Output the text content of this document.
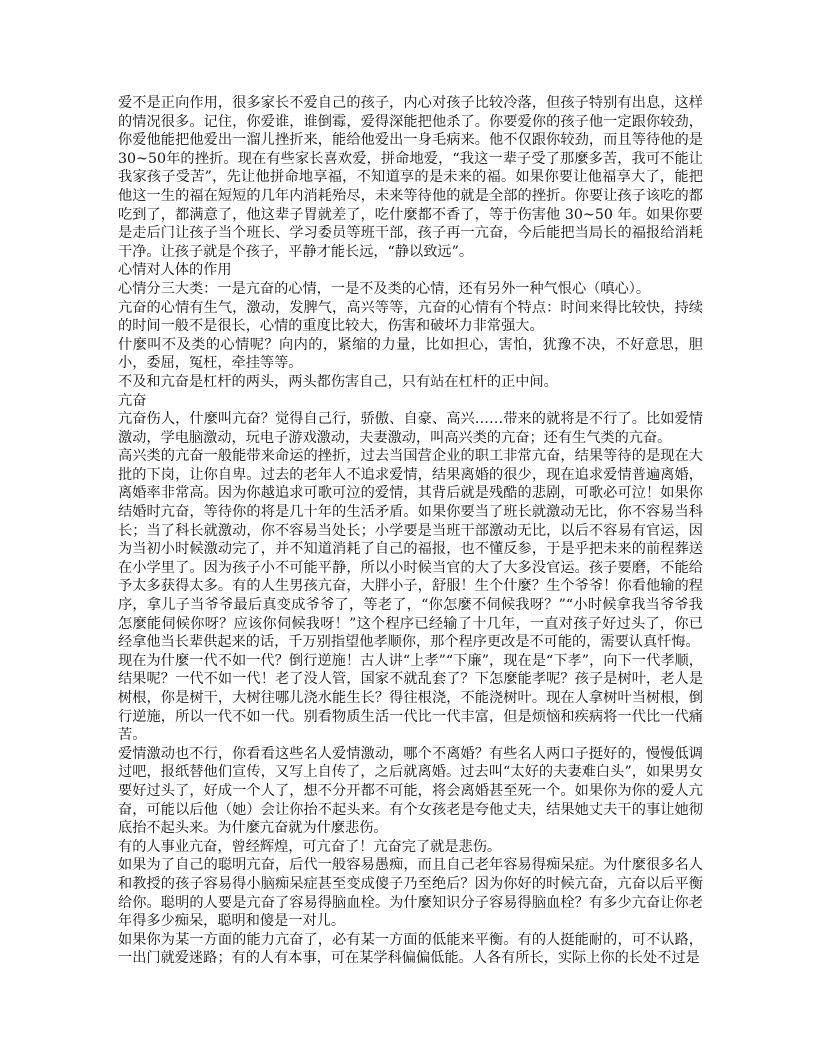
爱不是正向作用，很多家长不爱自己的孩子，内心对孩子比较冷落，但孩子特别有出息，这样的情况很多。记住，你爱谁，谁倒霉，爱得深能把他杀了。你要爱你的孩子他一定跟你较劲，你爱他能把他爱出一溜儿挫折来，能给他爱出一身毛病来。他不仅跟你较劲，而且等待他的是30~50年的挫折。现在有些家长喜欢爱，拼命地爱，“我这一辈子受了那麼多苦，我可不能让我家孩子受苦”，先让他拼命地享福，不知道享的是未来的福。如果你要让他福享大了，能把他这一生的福在短短的几年内消耗殆尽，未来等待他的就是全部的挫折。你要让孩子该吃的都吃到了，都满意了，他这辈子胃就差了，吃什麼都不香了，等于伤害他 30~50 年。如果你要是走后门让孩子当个班长、学习委员等班干部，孩子再一亢奋，今后能把当局长的福报给消耗干净。让孩子就是个孩子，平静才能长远，“静以致远”。

心情对人体的作用

心情分三大类：一是亢奋的心情，一是不及类的心情，还有另外一种气恨心（嗔心）。

亢奋的心情有生气，激动，发脾气，高兴等等，亢奋的心情有个特点：时间来得比较快，持续的时间一般不是很长，心情的重度比较大，伤害和破坏力非常强大。

什麼叫不及类的心情呢？向内的，紧缩的力量，比如担心，害怕，犹豫不决，不好意思，胆小，委屈，冤枉，牵挂等等。

不及和亢奋是杠杆的两头，两头都伤害自己，只有站在杠杆的正中间。

亢奋

亢奋伤人，什麼叫亢奋？觉得自己行，骄傲、自豪、高兴……带来的就将是不行了。比如爱情激动，学电脑激动，玩电子游戏激动，夫妻激动，叫高兴类的亢奋；还有生气类的亢奋。

高兴类的亢奋一般能带来命运的挫折，过去当国营企业的职工非常亢奋，结果等待的是现在大批的下岗，让你自卑。过去的老年人不追求爱情，结果离婚的很少，现在追求爱情普遍离婚，离婚率非常高。因为你越追求可歌可泣的爱情，其背后就是残酷的悲剧，可歌必可泣！如果你结婚时亢奋，等待你的将是几十年的生活矛盾。如果你要当了班长就激动无比，你不容易当科长；当了科长就激动，你不容易当处长；小学要是当班干部激动无比，以后不容易有官运，因为当初小时候激动完了，并不知道消耗了自己的福报，也不懂反参，于是乎把未来的前程葬送在小学里了。因为孩子小不可能平静，所以小时候当官的大了大多没官运。孩子要磨，不能给予太多获得太多。有的人生男孩亢奋，大胖小子，舒服！生个什麼？生个爷爷！你看他输的程序，拿儿子当爷爷最后真变成爷爷了，等老了，“你怎麼不伺候我呀？”“小时候拿我当爷爷我怎麼能伺候你呀？应该你伺候我呀！”这个程序已经输了十几年，一直对孩子好过头了，你已经拿他当长辈供起来的话，千万别指望他孝顺你，那个程序更改是不可能的，需要认真忏悔。

现在为什麼一代不如一代？倒行逆施！古人讲“上孝”“下廉”，现在是“下孝”，向下一代孝顺，结果呢？一代不如一代！老了没人管，国家不就乱套了？下怎麼能孝呢？孩子是树叶，老人是树根，你是树干，大树往哪儿浇水能生长？得往根浇，不能浇树叶。现在人拿树叶当树根，倒行逆施，所以一代不如一代。别看物质生活一代比一代丰富，但是烦恼和疾病将一代比一代痛苦。

爱情激动也不行，你看看这些名人爱情激动，哪个不离婚？有些名人两口子挺好的，慢慢低调过吧，报纸替他们宣传，又写上自传了，之后就离婚。过去叫“太好的夫妻难白头”，如果男女要好过头了，好成一个人了，想不分开都不可能，将会离婚甚至死一个。如果你为你的爱人亢奋，可能以后他（她）会让你抬不起头来。有个女孩老是夸他丈夫，结果她丈夫干的事让她彻底抬不起头来。为什麼亢奋就为什麼悲伤。

有的人事业亢奋，曾经辉煌，可亢奋了！亢奋完了就是悲伤。

如果为了自己的聪明亢奋，后代一般容易愚痴，而且自己老年容易得痴呆症。为什麼很多名人和教授的孩子容易得小脑痴呆症甚至变成傻子乃至绝后？因为你好的时候亢奋，亢奋以后平衡给你。聪明的人要是亢奋了容易得脑血栓。为什麼知识分子容易得脑血栓？有多少亢奋让你老年得多少痴呆，聪明和傻是一对儿。

如果你为某一方面的能力亢奋了，必有某一方面的低能来平衡。有的人挺能耐的，可不认路，一出门就爱迷路；有的人有本事，可在某学科偏偏低能。人各有所长，实际上你的长处不过是
